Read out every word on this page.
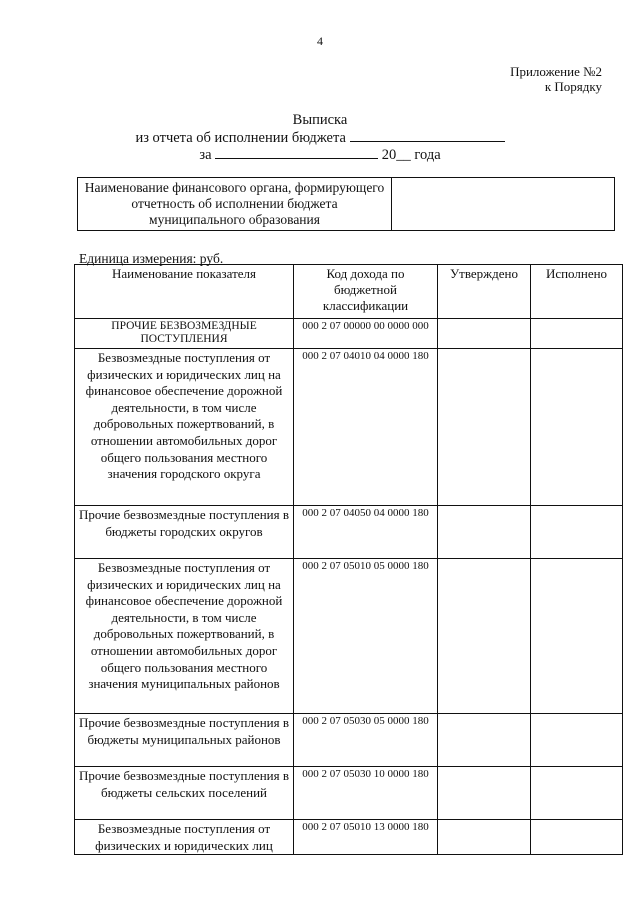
4
Приложение №2
к Порядку
Выписка
из отчета об исполнении бюджета
за	20__ года
Наименование финансового органа, формирующего отчетность об исполнении бюджета муниципального образования	
Единица измерения: руб.
Наименование показателя	Код дохода по бюджетной классификации	Утверждено	Исполнено
ПРОЧИЕ БЕЗВОЗМЕЗДНЫЕ ПОСТУПЛЕНИЯ	000 2 07 00000 00 0000 000		
Безвозмездные поступления от физических и юридических лиц на финансовое обеспечение дорожной деятельности, в том числе добровольных пожертвований, в отношении автомобильных дорог общего пользования местного значения городского округа	000 2 07 04010 04 0000 180		
Прочие безвозмездные поступления в бюджеты городских округов	000 2 07 04050 04 0000 180		
Безвозмездные поступления от физических и юридических лиц на финансовое обеспечение дорожной деятельности, в том числе добровольных пожертвований, в отношении автомобильных дорог общего пользования местного значения муниципальных районов	000 2 07 05010 05 0000 180		
Прочие безвозмездные поступления в бюджеты муниципальных районов	000 2 07 05030 05 0000 180		
Прочие безвозмездные поступления в бюджеты сельских поселений	000 2 07 05030 10 0000 180		
Безвозмездные поступления от физических и юридических лиц	000 2 07 05010 13 0000 180		
